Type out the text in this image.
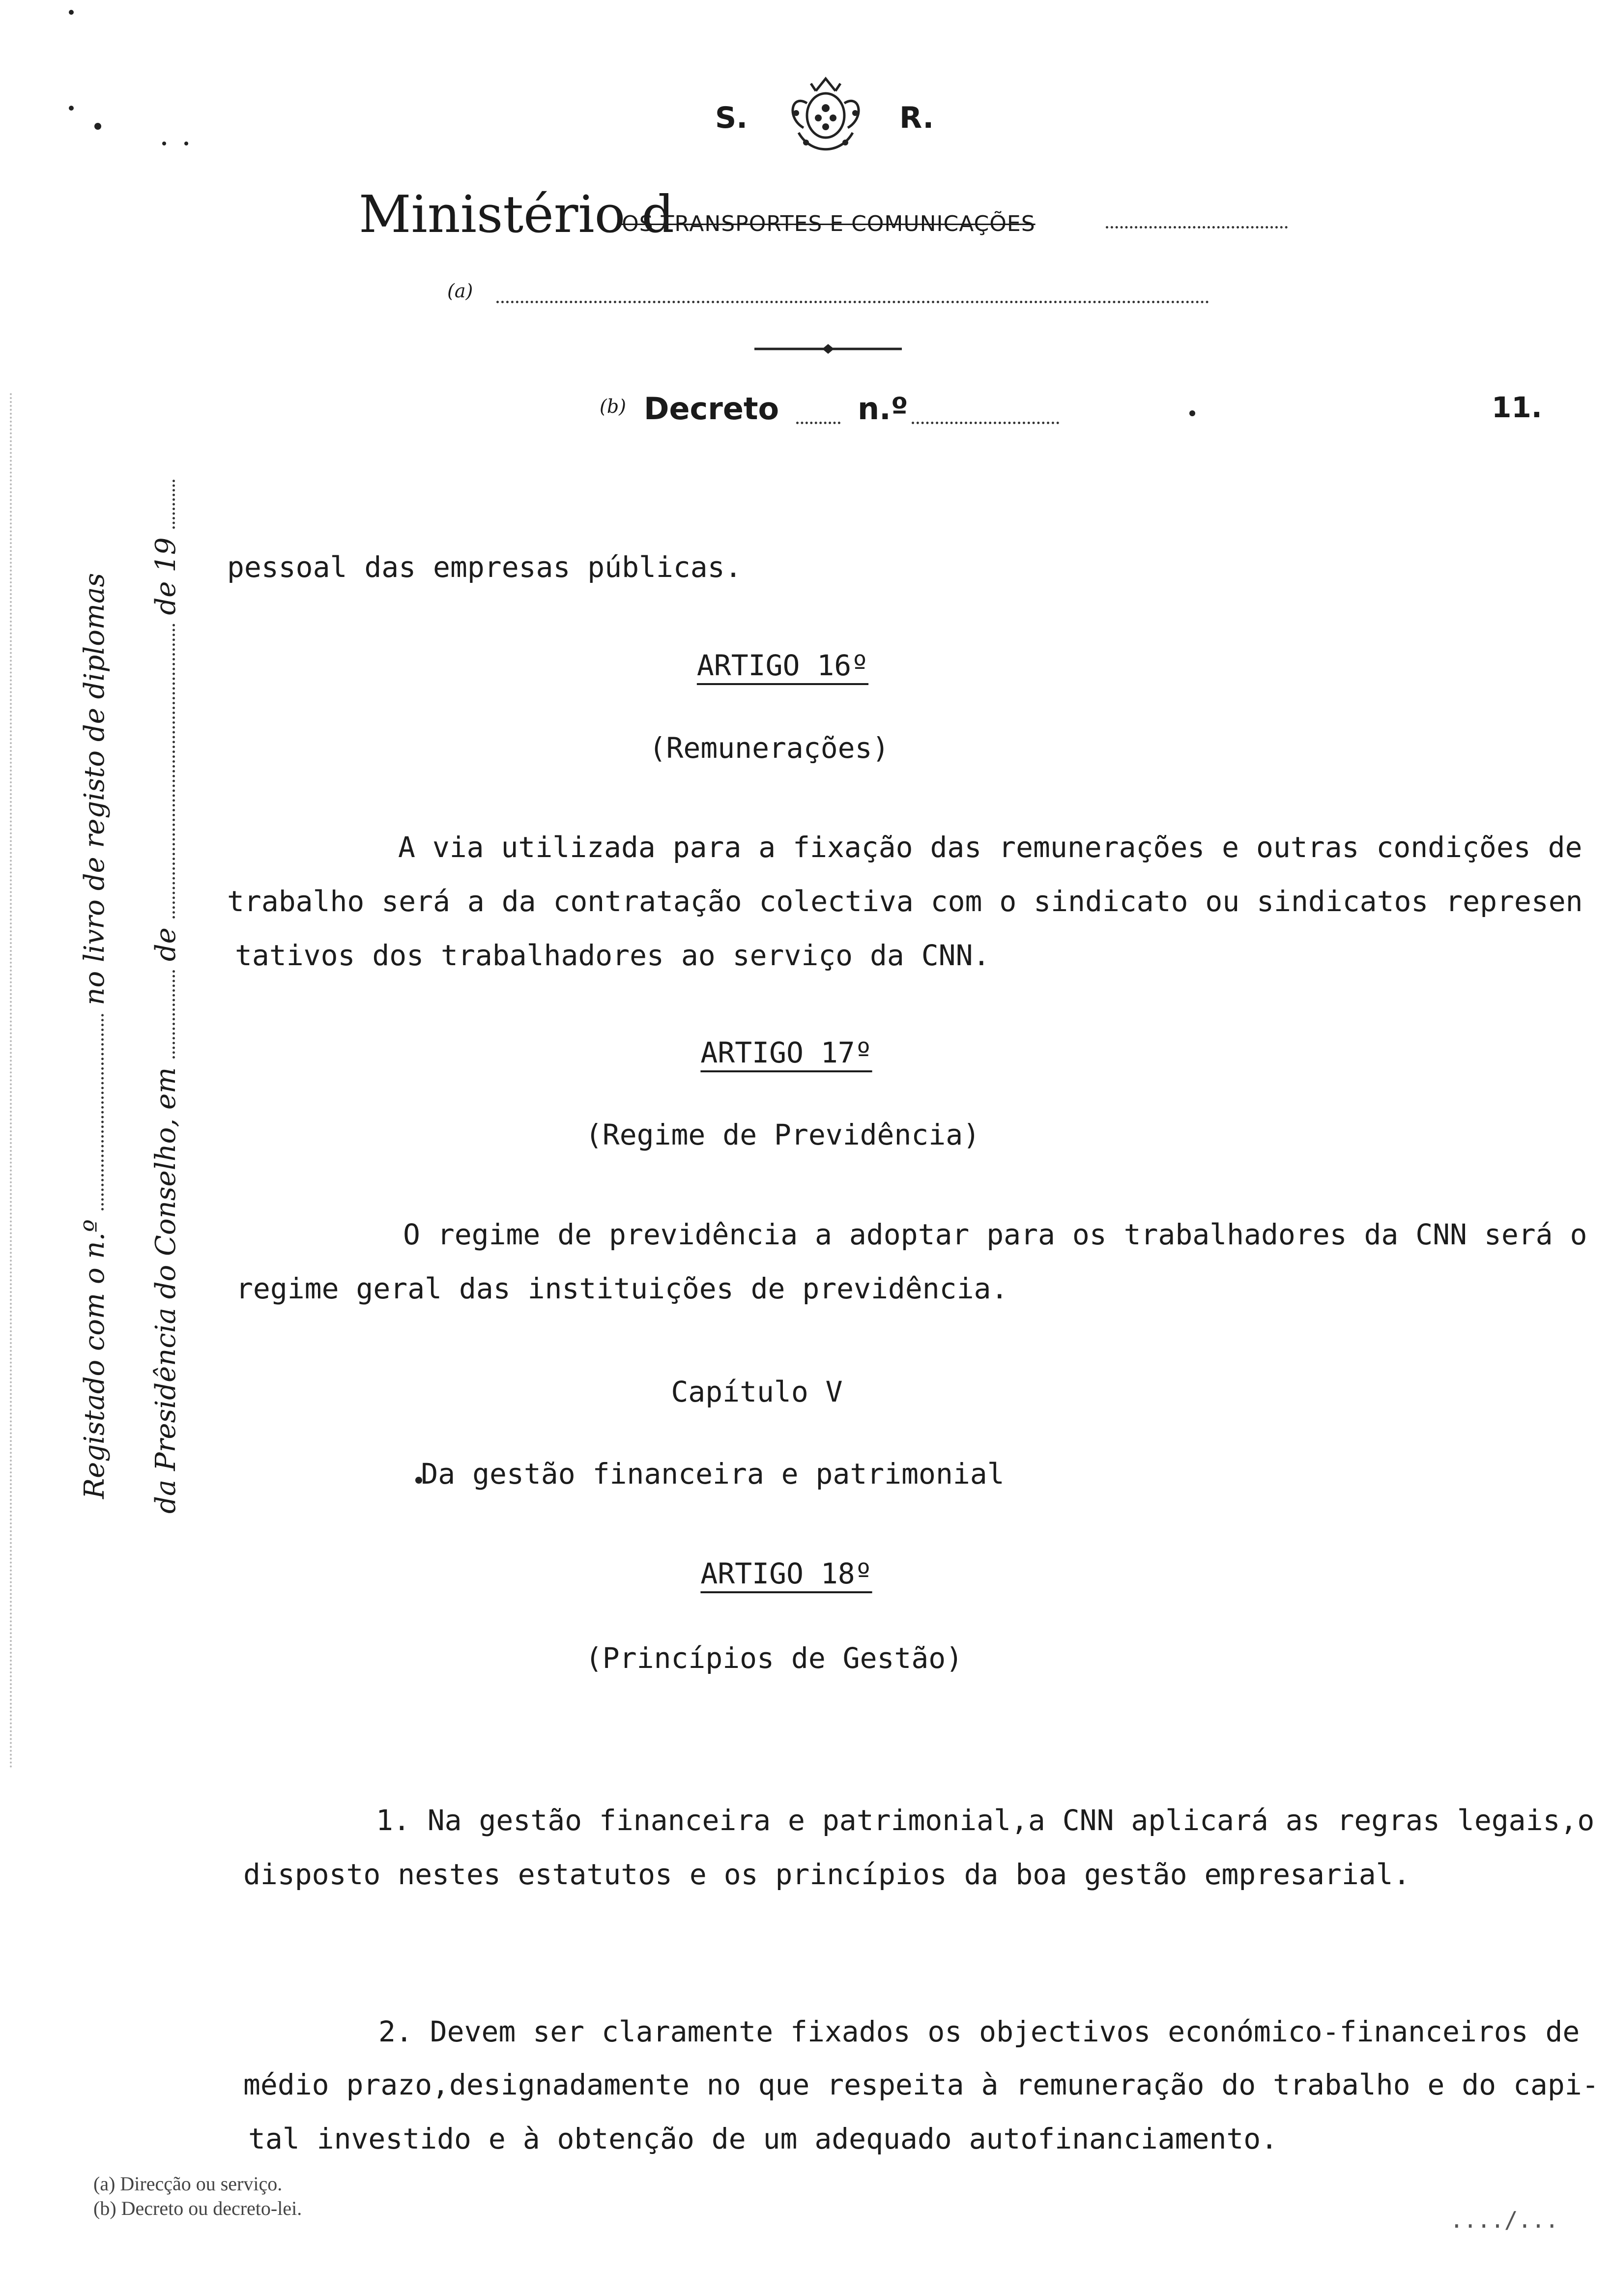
S.	R.
Ministério d
OS TRANSPORTES E COMUNICAÇÕES
(a)
(b) Decreto	n.º	11.
Registado com o n.º  no livro de registo de diplomas
da Presidência do Conselho, em  de  de 19 pessoal das empresas públicas.
ARTIGO 16º
(Remunerações)
A via utilizada para a fixação das remunerações e outras condições de
trabalho será a da contratação colectiva com o sindicato ou sindicatos represen
tativos dos trabalhadores ao serviço da CNN.
ARTIGO 17º
(Regime de Previdência)
O regime de previdência a adoptar para os trabalhadores da CNN será o
regime geral das instituições de previdência.
Capítulo V
Da gestão financeira e patrimonial
ARTIGO 18º
(Princípios de Gestão)
1. Na gestão financeira e patrimonial,a CNN aplicará as regras legais,o
disposto nestes estatutos e os princípios da boa gestão empresarial.
2. Devem ser claramente fixados os objectivos económico-financeiros de
médio prazo,designadamente no que respeita à remuneração do trabalho e do capi-
tal investido e à obtenção de um adequado autofinanciamento.
(a) Direcção ou serviço.
(b) Decreto ou decreto-lei.	..../...
